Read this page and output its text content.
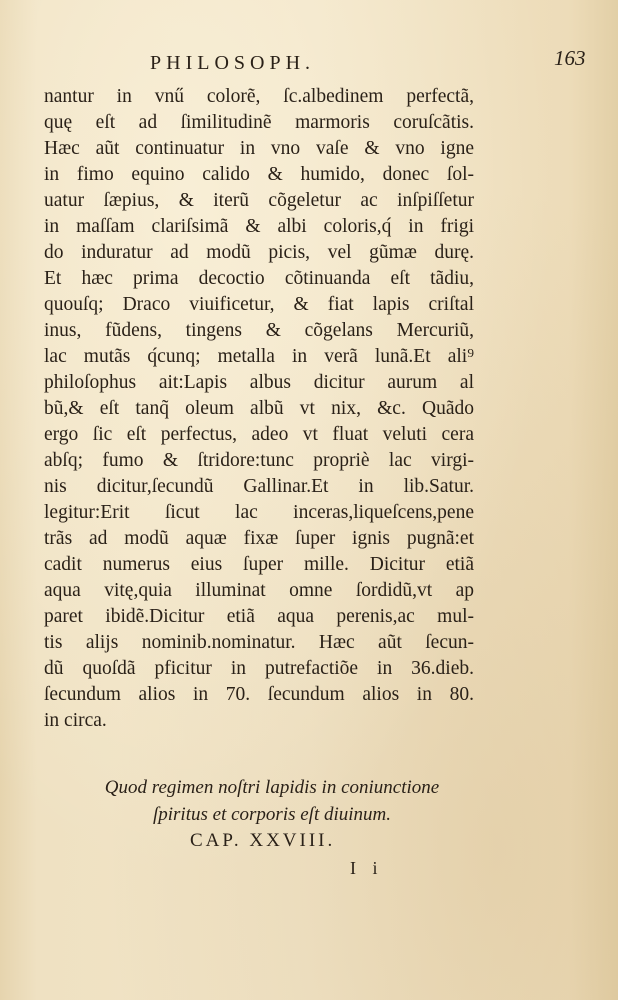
PHILOSOPH.	163
nantur in vnű colorẽ, ſc.albedinem perfectã,
quę eſt ad ſimilitudinẽ marmoris coruſcãtis.
Hæc aũt continuatur in vno vaſe & vno igne
in fimo equino calido & humido, donec ſol-
uatur ſæpius, & iterũ cõgeletur ac inſpiſſetur
in maſſam clariſsimã & albi coloris,q́ in frigi
do induratur ad modũ picis, vel gũmæ durę.
Et hæc prima decoctio cõtinuanda eſt tãdiu,
quouſq; Draco viuificetur, & fiat lapis criſtal
inus, fũdens, tingens & cõgelans Mercuriũ,
lac mutãs q́cunq; metalla in verã lunã.Et ali⁹
philoſophus ait:Lapis albus dicitur aurum al
bũ,& eſt tanq̃ oleum albũ vt nix, &c. Quãdo
ergo ſic eſt perfectus, adeo vt fluat veluti cera
abſq; fumo & ſtridore:tunc propriè lac virgi-
nis dicitur,ſecundũ Gallinar.Et in lib.Satur.
legitur:Erit ſicut lac inceras,liqueſcens,pene
trãs ad modũ aquæ fixæ ſuper ignis pugnã:et
cadit numerus eius ſuper mille. Dicitur etiã
aqua vitę,quia illuminat omne ſordidũ,vt ap
paret ibidẽ.Dicitur etiã aqua perenis,ac mul-
tis alijs nominib.nominatur. Hæc aũt ſecun-
dũ quoſdã pficitur in putrefactiõe in 36.dieb.
ſecundum alios in 70. ſecundum alios in 80.
in circa.
Quod regimen noſtri lapidis in coniunctione
ſpiritus et corporis eſt diuinum.
CAP. XXVIII.
I i
